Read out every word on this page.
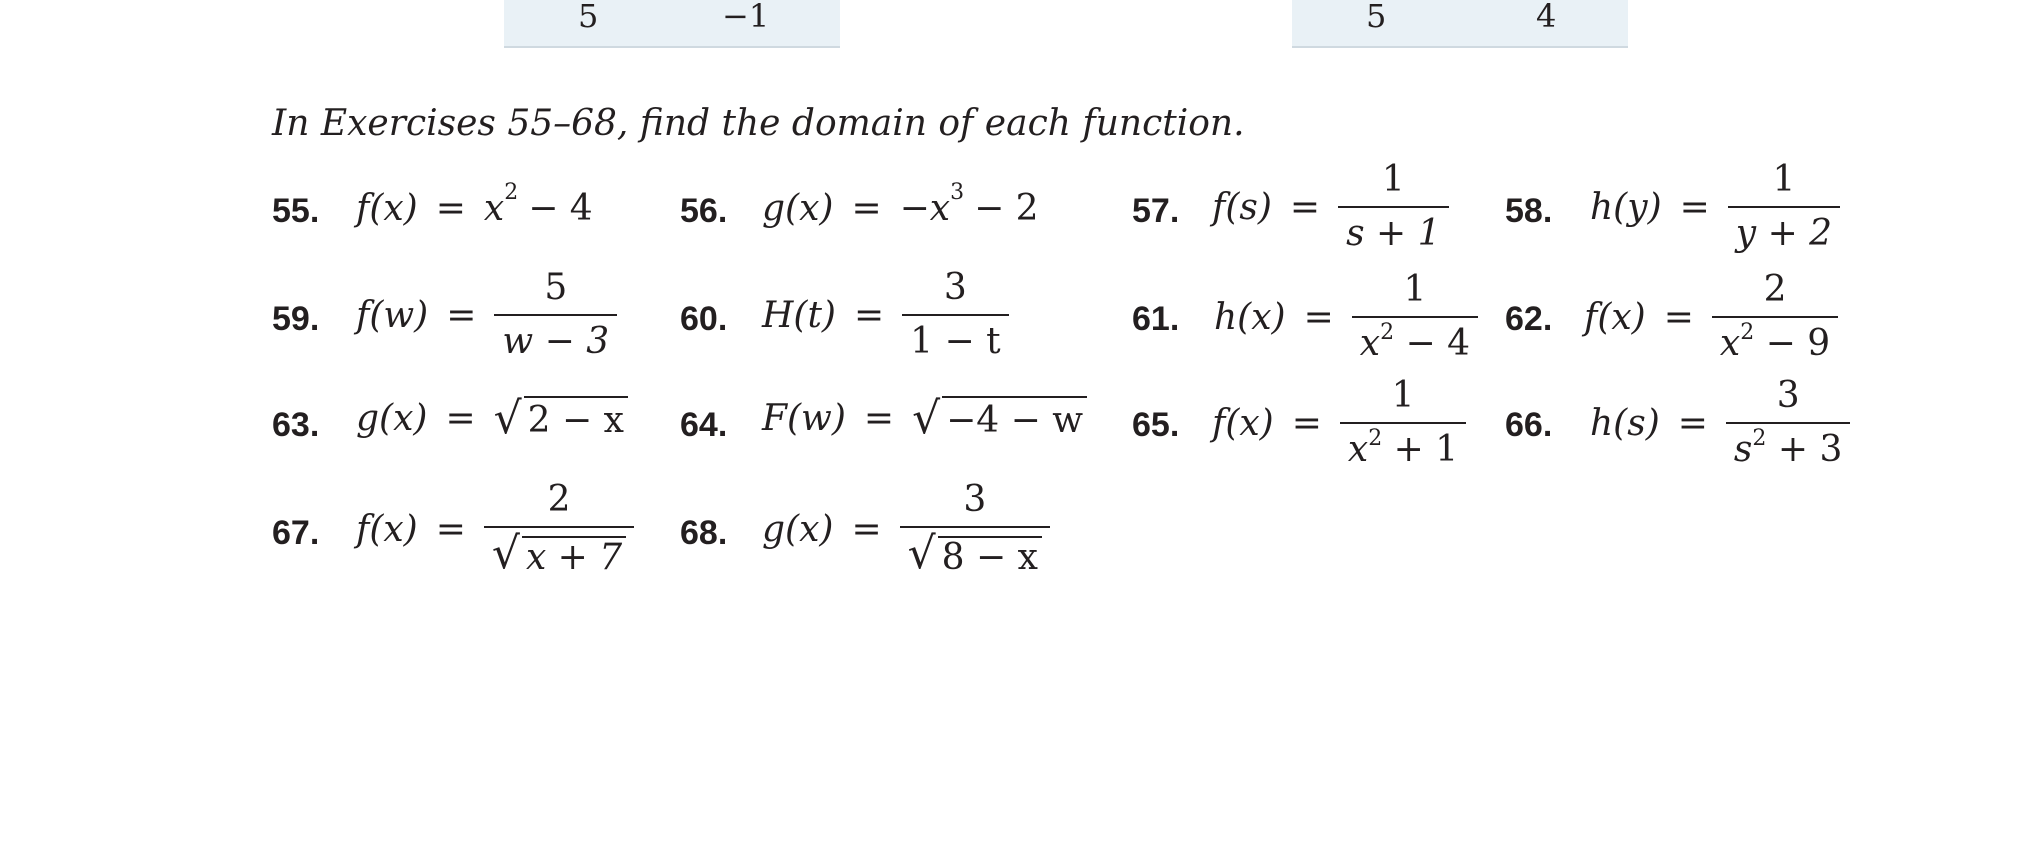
5	−1	5	4
In Exercises 55–68, find the domain of each function.
55. f(x) = x 2 − 4	56. g(x) = −x 3 − 2	57. $f(s) = \frac{1}{s + 1} 58$. $h(y) = \frac{1}{y + 2}$
59. $f(w) = \frac{5}{w - 3} 60$. $H(t) = \frac{3}{1 - t}$	61. $h(x) = \frac{1}{x^2 - 4} 62$. $f(x) = \frac{2}{x^2 - 9}$
63. g(x) = √ 2 − x 64. F(w) = √ −4 − w 65. $f(x) = \frac{1}{x^2 + 1} 66$. $h(s) = \frac{3}{s^2 + 3}$
67. $f(x) = \frac{2}{√ x + 7} 68$. $g(x) = \frac{3}{√ 8 - x}$
